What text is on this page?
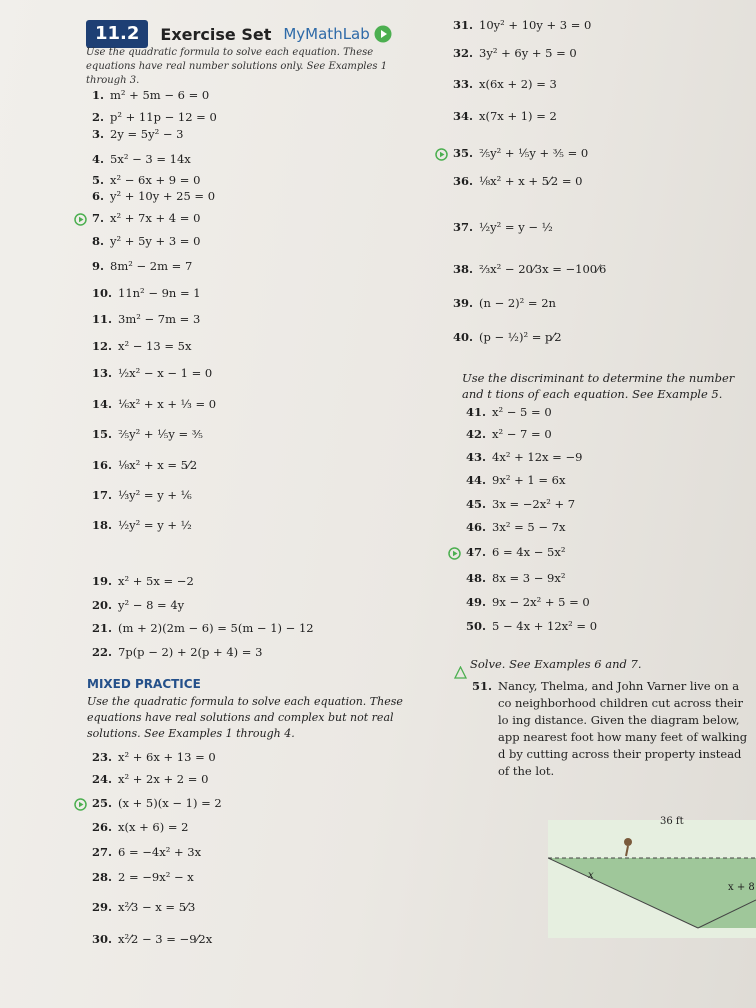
11.2	Exercise Set MyMathLab
Use the quadratic formula to solve each equation. These equations have real number solutions only. See Examples 1 through 3.
1. m² + 5m − 6 = 0
2. p² + 11p − 12 = 0
3. 2y = 5y² − 3
4. 5x² − 3 = 14x
5. x² − 6x + 9 = 0
6. y² + 10y + 25 = 0
7. x² + 7x + 4 = 0
8. y² + 5y + 3 = 0
9. 8m² − 2m = 7
10. 11n² − 9n = 1
11. 3m² − 7m = 3
12. x² − 13 = 5x
13. ½x² − x − 1 = 0
14. ⅙x² + x + ⅓ = 0
15. ⅖y² + ⅕y = ⅗
16. ⅛x² + x = 5⁄2
17. ⅓y² = y + ⅙
18. ½y² = y + ½
19. x² + 5x = −2
20. y² − 8 = 4y
21. (m + 2)(2m − 6) = 5(m − 1) − 12
22. 7p(p − 2) + 2(p + 4) = 3
MIXED PRACTICE
Use the quadratic formula to solve each equation. These equations have real solutions and complex but not real solutions. See Examples 1 through 4.
23. x² + 6x + 13 = 0
24. x² + 2x + 2 = 0
25. (x + 5)(x − 1) = 2
26. x(x + 6) = 2
27. 6 = −4x² + 3x
28. 2 = −9x² − x
29. x²⁄3 − x = 5⁄3
30. x²⁄2 − 3 = −9⁄2x
31. 10y² + 10y + 3 = 0
32. 3y² + 6y + 5 = 0
33. x(6x + 2) = 3
34. x(7x + 1) = 2
35. ⅖y² + ⅕y + ⅗ = 0
36. ⅛x² + x + 5⁄2 = 0
37. ½y² = y − ½
38. ⅔x² − 20⁄3x = −100⁄6
39. (n − 2)² = 2n
40. (p − ½)² = p⁄2
Use the discriminant to determine the number and t tions of each equation. See Example 5.
41. x² − 5 = 0
42. x² − 7 = 0
43. 4x² + 12x = −9
44. 9x² + 1 = 6x
45. 3x = −2x² + 7
46. 3x² = 5 − 7x
47. 6 = 4x − 5x²
48. 8x = 3 − 9x²
49. 9x − 2x² + 5 = 0
50. 5 − 4x + 12x² = 0
Solve. See Examples 6 and 7.
51. Nancy, Thelma, and John Varner live on a co neighborhood children cut across their lo ing distance. Given the diagram below, app nearest foot how many feet of walking d by cutting across their property instead of the lot.
36 ft
x
x + 8
